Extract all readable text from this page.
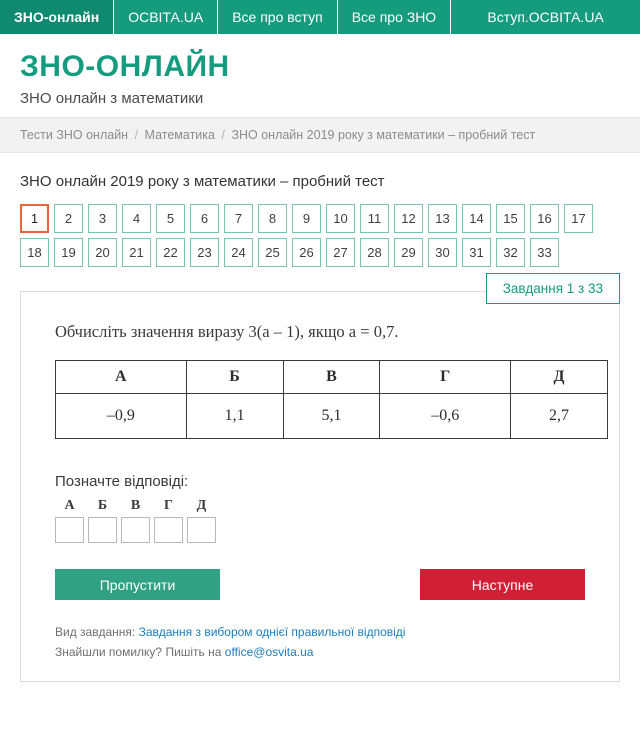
ЗНО-онлайн ОСВІТА.UA Все про вступ Все про ЗНО	Вступ.ОСВІТА.UA
ЗНО-ОНЛАЙН
ЗНО онлайн з математики
Тести ЗНО онлайн / Математика / ЗНО онлайн 2019 року з математики – пробний тест
ЗНО онлайн 2019 року з математики – пробний тест
1	2	3	4	5	6	7	8	9	10	11	12	13	14	15	16	17
18	19	20	21	22	23	24	25	26	27	28	29	30	31	32	33
Завдання 1 з 33
Обчисліть значення виразу 3(a – 1), якщо a = 0,7.
А	Б	В	Г	Д
–0,9	1,1	5,1	–0,6	2,7
Позначте відповіді:
А	Б	В	Г	Д
Пропустити	Наступне
Вид завдання: Завдання з вибором однієї правильної відповіді
Знайшли помилку? Пишіть на office@osvita.ua
